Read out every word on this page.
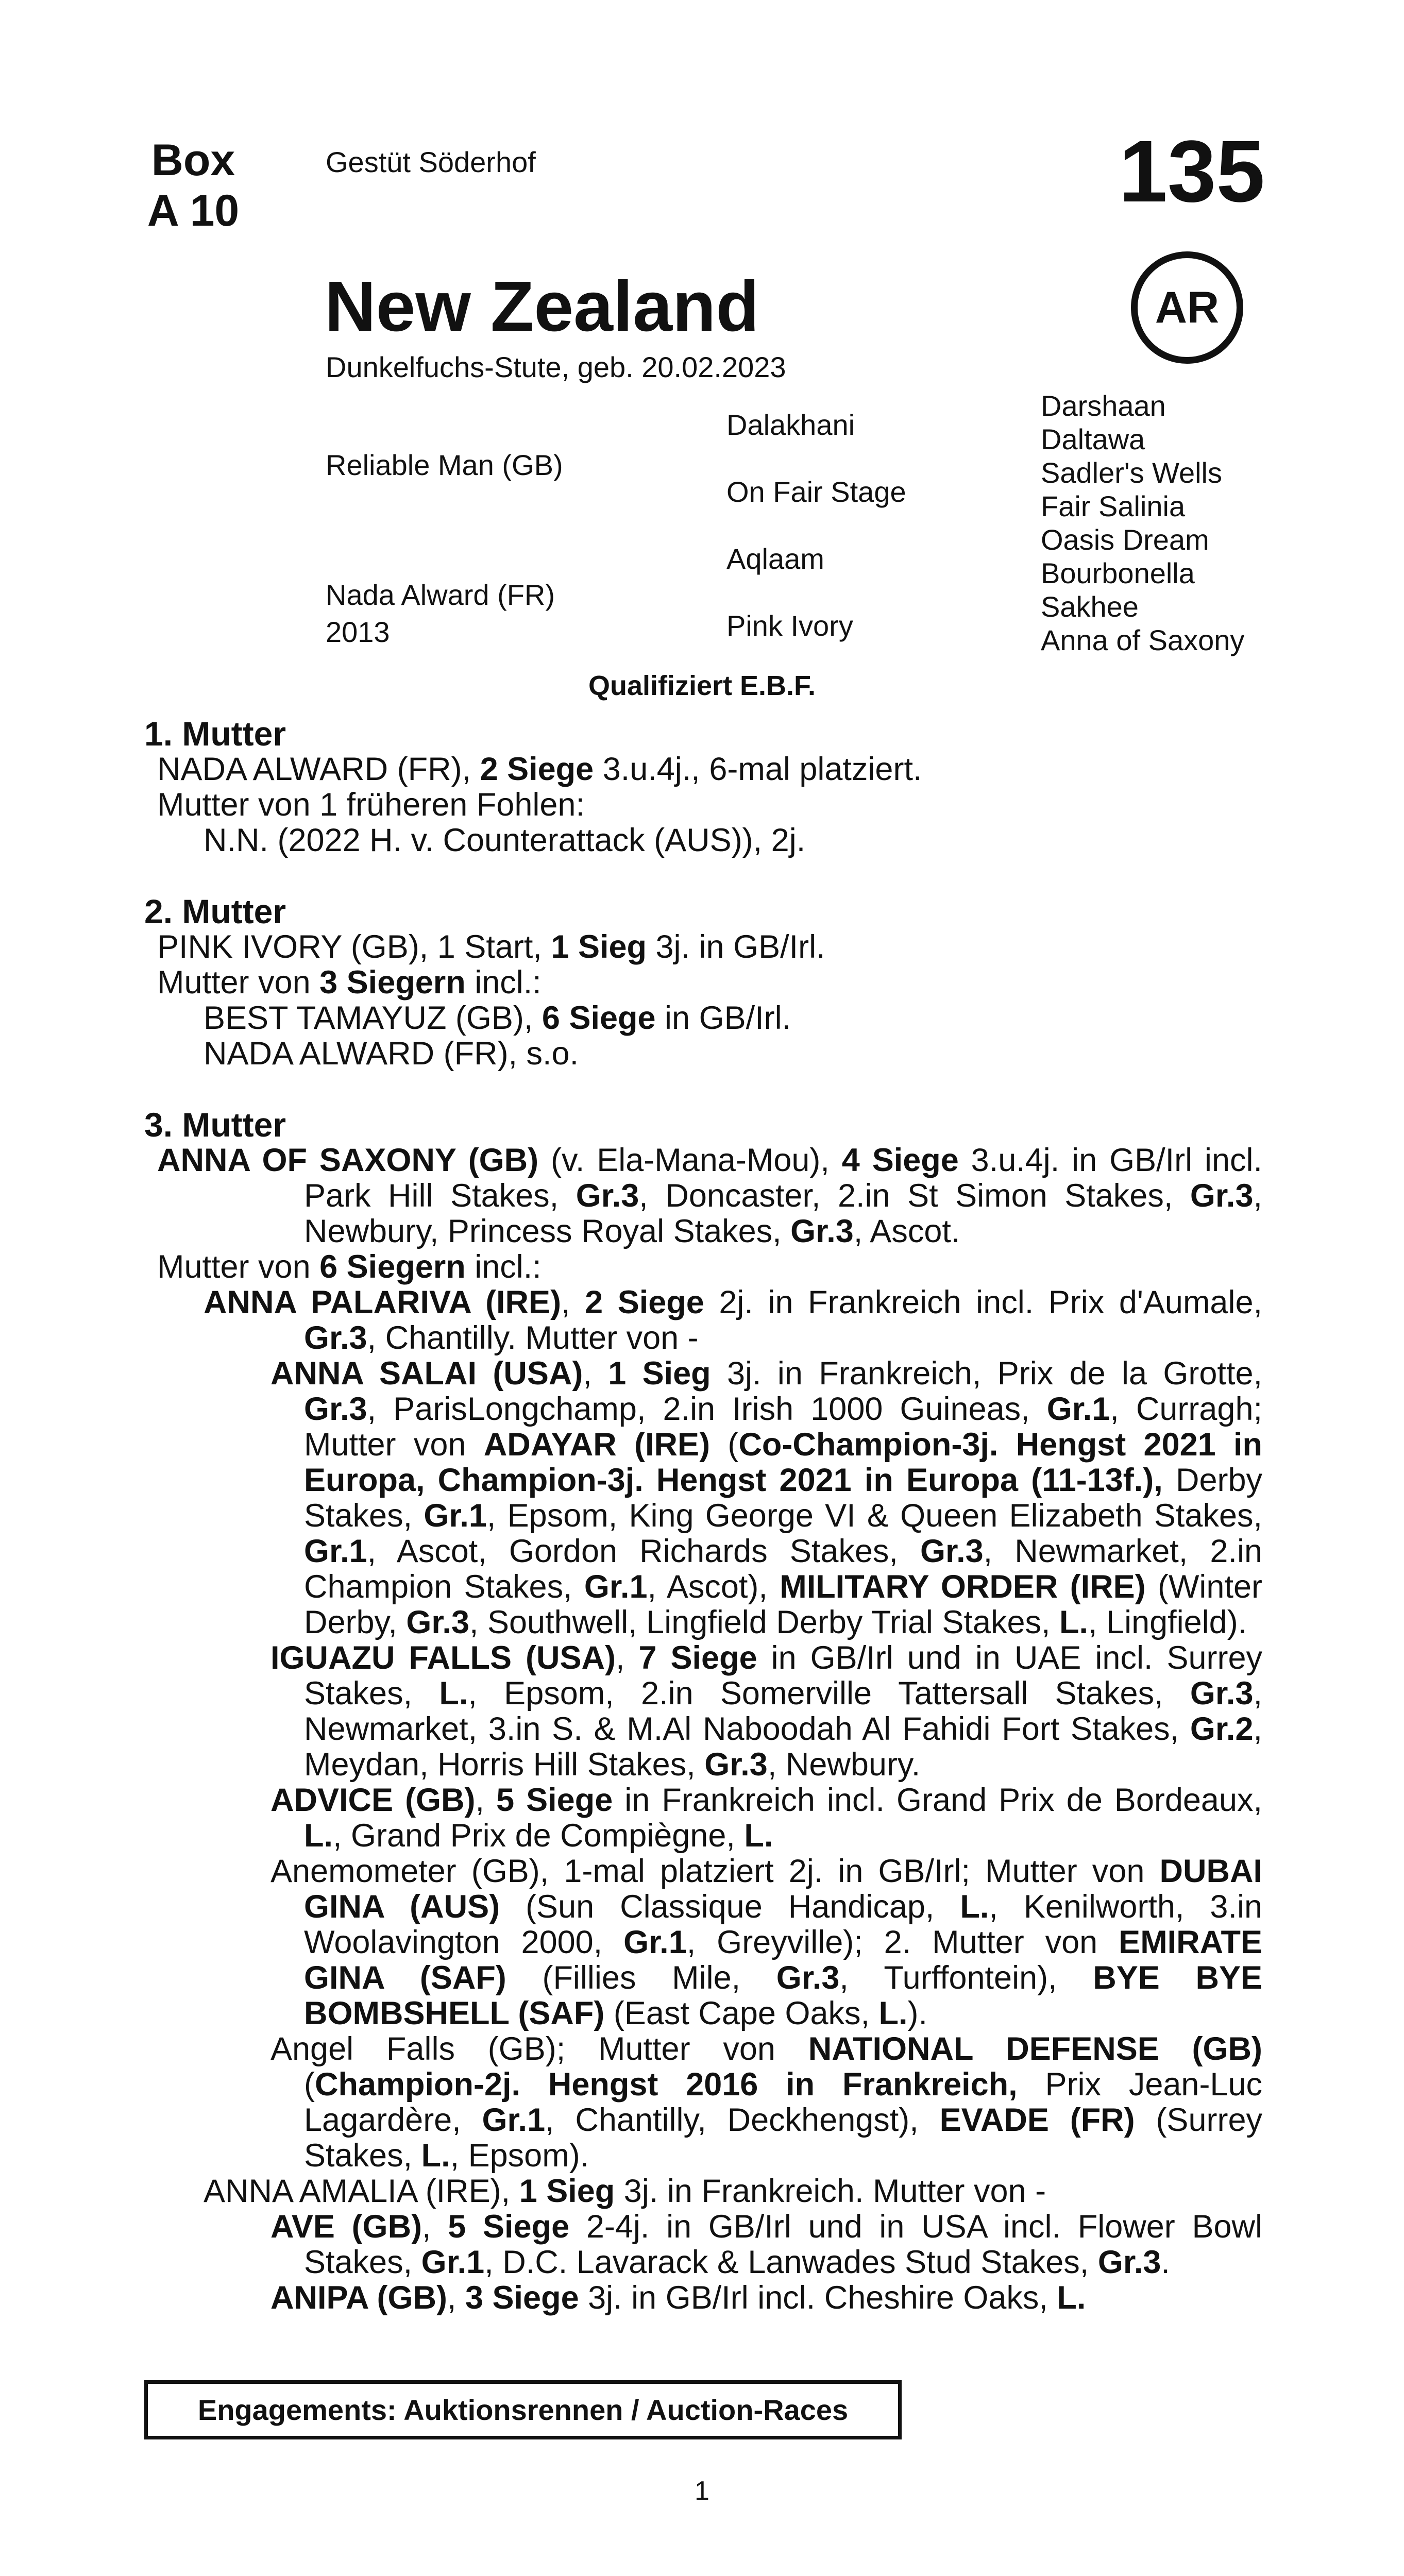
Box
A 10
Gestüt Söderhof	135
AR
New Zealand
Dunkelfuchs-Stute, geb. 20.02.2023
Reliable Man (GB)
Nada Alward (FR)
2013
Dalakhani
On Fair Stage
Aqlaam
Pink Ivory
Darshaan
Daltawa
Sadler's Wells
Fair Salinia
Oasis Dream
Bourbonella
Sakhee
Anna of Saxony
Qualifiziert E.B.F.
1. Mutter
NADA ALWARD (FR), 2 Siege 3.u.4j., 6-mal platziert.
Mutter von 1 früheren Fohlen:
N.N. (2022 H. v. Counterattack (AUS)), 2j.
2. Mutter
PINK IVORY (GB), 1 Start, 1 Sieg 3j. in GB/Irl.
Mutter von 3 Siegern incl.:
BEST TAMAYUZ (GB), 6 Siege in GB/Irl.
NADA ALWARD (FR), s.o.
3. Mutter
ANNA OF SAXONY (GB) (v. Ela-Mana-Mou), 4 Siege 3.u.4j. in GB/Irl incl. Park Hill Stakes, Gr.3, Doncaster, 2.in St Simon Stakes, Gr.3, Newbury, Princess Royal Stakes, Gr.3, Ascot.
Mutter von 6 Siegern incl.:
ANNA PALARIVA (IRE), 2 Siege 2j. in Frankreich incl. Prix d'Aumale, Gr.3, Chantilly. Mutter von -
ANNA SALAI (USA), 1 Sieg 3j. in Frankreich, Prix de la Grotte, Gr.3, ParisLongchamp, 2.in Irish 1000 Guineas, Gr.1, Curragh; Mutter von ADAYAR (IRE) (Co-Champion-3j. Hengst 2021 in Europa, Champion-3j. Hengst 2021 in Europa (11-13f.), Derby Stakes, Gr.1, Epsom, King George VI & Queen Elizabeth Stakes, Gr.1, Ascot, Gordon Richards Stakes, Gr.3, Newmarket, 2.in Champion Stakes, Gr.1, Ascot), MILITARY ORDER (IRE) (Winter Derby, Gr.3, Southwell, Lingfield Derby Trial Stakes, L., Lingfield).
IGUAZU FALLS (USA), 7 Siege in GB/Irl und in UAE incl. Surrey Stakes, L., Epsom, 2.in Somerville Tattersall Stakes, Gr.3, Newmarket, 3.in S. & M.Al Naboodah Al Fahidi Fort Stakes, Gr.2, Meydan, Horris Hill Stakes, Gr.3, Newbury.
ADVICE (GB), 5 Siege in Frankreich incl. Grand Prix de Bordeaux, L., Grand Prix de Compiègne, L.
Anemometer (GB), 1-mal platziert 2j. in GB/Irl; Mutter von DUBAI GINA (AUS) (Sun Classique Handicap, L., Kenilworth, 3.in Woolavington 2000, Gr.1, Greyville); 2. Mutter von EMIRATE GINA (SAF) (Fillies Mile, Gr.3, Turffontein), BYE BYE BOMBSHELL (SAF) (East Cape Oaks, L.).
Angel Falls (GB); Mutter von NATIONAL DEFENSE (GB) (Champion-2j. Hengst 2016 in Frankreich, Prix Jean-Luc Lagardère, Gr.1, Chantilly, Deckhengst), EVADE (FR) (Surrey Stakes, L., Epsom).
ANNA AMALIA (IRE), 1 Sieg 3j. in Frankreich. Mutter von -
AVE (GB), 5 Siege 2-4j. in GB/Irl und in USA incl. Flower Bowl Stakes, Gr.1, D.C. Lavarack & Lanwades Stud Stakes, Gr.3.
ANIPA (GB), 3 Siege 3j. in GB/Irl incl. Cheshire Oaks, L.
Engagements: Auktionsrennen / Auction-Races
1
